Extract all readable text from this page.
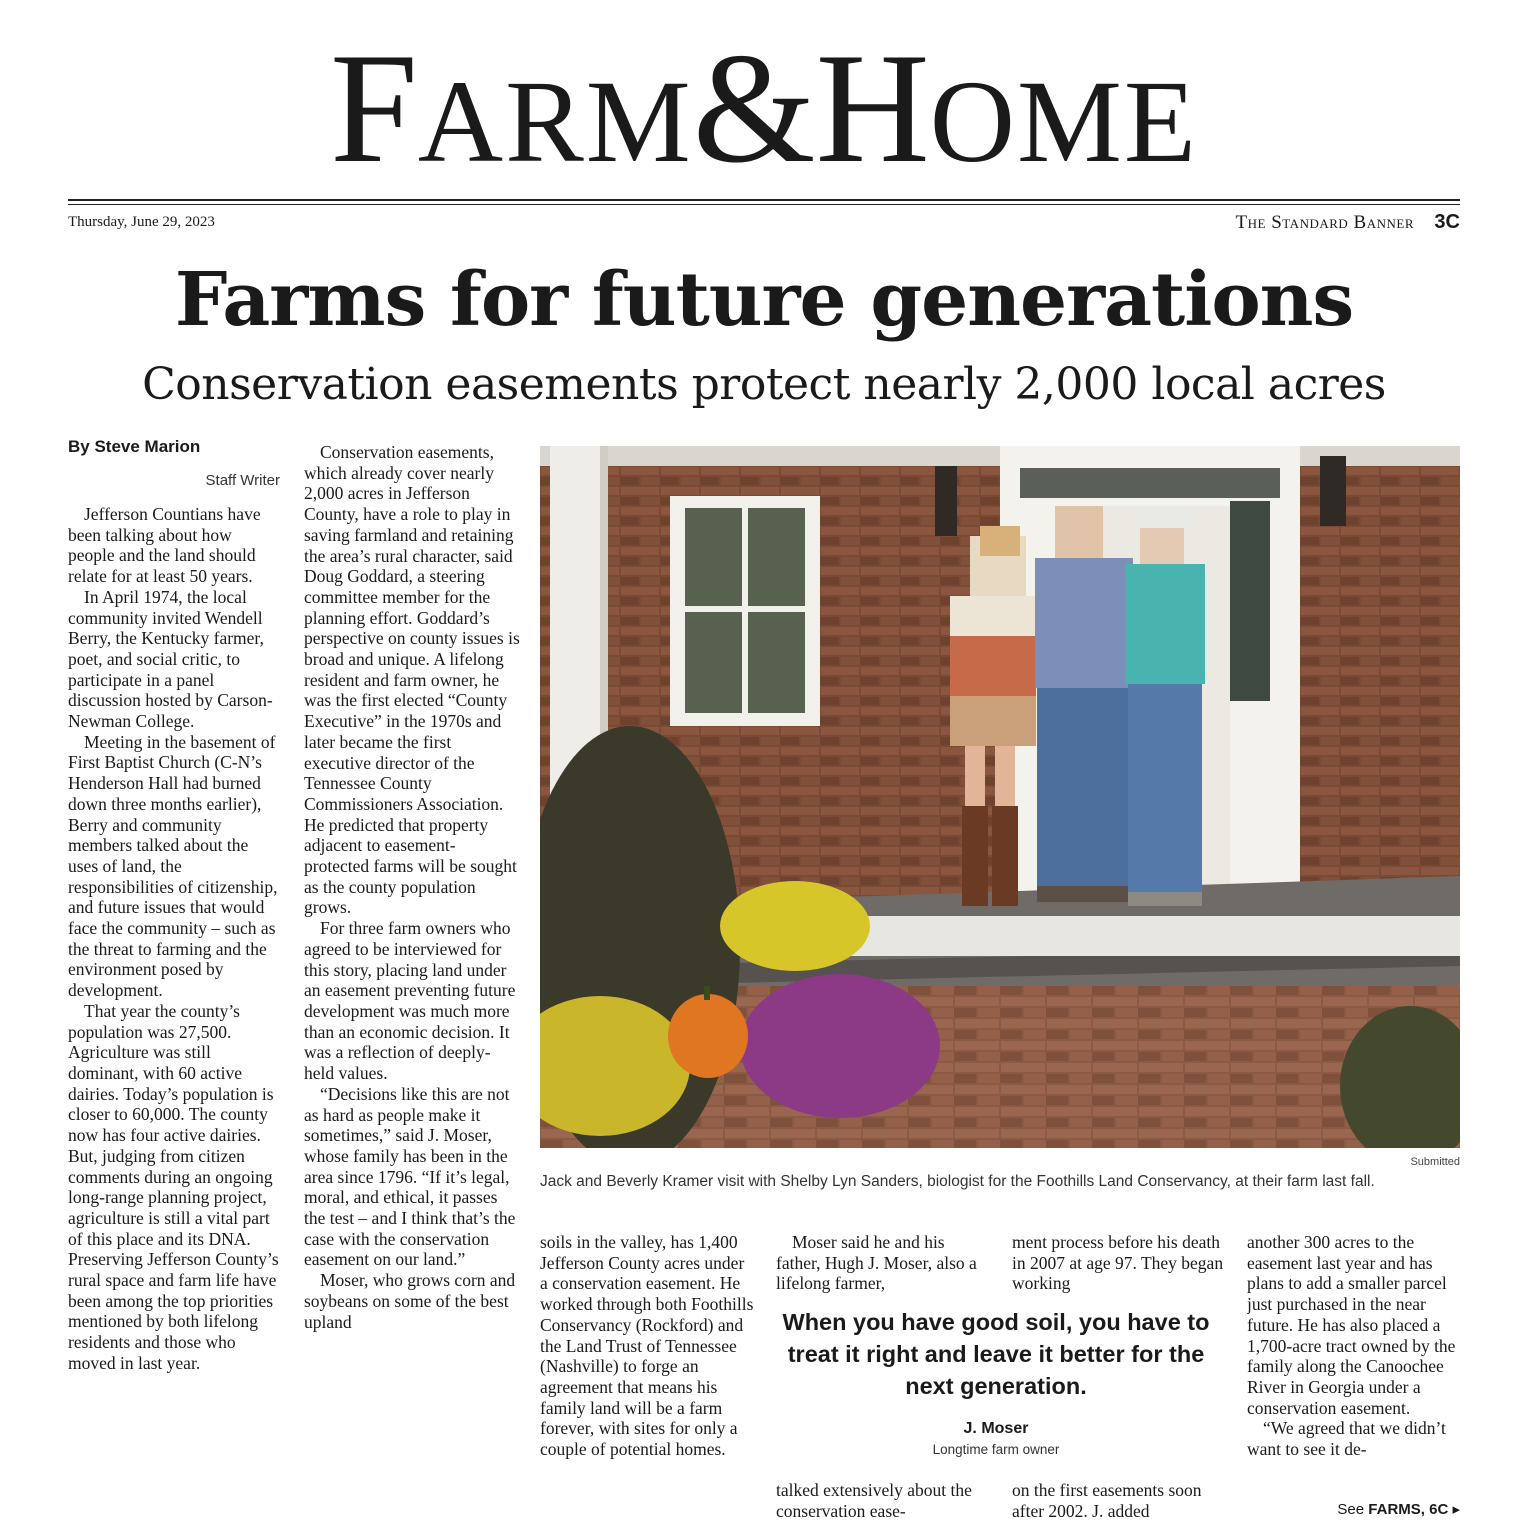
FARM&HOME
Thursday, June 29, 2023	The Standard Banner 3C
Farms for future generations
Conservation easements protect nearly 2,000 local acres
By Steve Marion
Staff Writer

Jefferson Countians have been talking about how people and the land should relate for at least 50 years.

In April 1974, the local community invited Wendell Berry, the Kentucky farmer, poet, and social critic, to participate in a panel discussion hosted by Carson-Newman College.

Meeting in the basement of First Baptist Church (C-N’s Henderson Hall had burned down three months earlier), Berry and community members talked about the uses of land, the responsibilities of citizenship, and future issues that would face the community – such as the threat to farming and the environment posed by development.

That year the county’s population was 27,500. Agriculture was still dominant, with 60 active dairies. Today’s population is closer to 60,000. The county now has four active dairies. But, judging from citizen comments during an ongoing long-range planning project, agriculture is still a vital part of this place and its DNA. Preserving Jefferson County’s rural space and farm life have been among the top priorities mentioned by both lifelong residents and those who moved in last year.

Conservation easements, which already cover nearly 2,000 acres in Jefferson County, have a role to play in saving farmland and retaining the area’s rural character, said Doug Goddard, a steering committee member for the planning effort. Goddard’s perspective on county issues is broad and unique. A lifelong resident and farm owner, he was the first elected “County Executive” in the 1970s and later became the first executive director of the Tennessee County Commissioners Association. He predicted that property adjacent to easement-protected farms will be sought as the county population grows.

For three farm owners who agreed to be interviewed for this story, placing land under an easement preventing future development was much more than an economic decision. It was a reflection of deeply-held values.

“Decisions like this are not as hard as people make it sometimes,” said J. Moser, whose family has been in the area since 1796. “If it’s legal, moral, and ethical, it passes the test – and I think that’s the case with the conservation easement on our land.”

Moser, who grows corn and soybeans on some of the best upland

Submitted
Jack and Beverly Kramer visit with Shelby Lyn Sanders, biologist for the Foothills Land Conservancy, at their farm last fall.

soils in the valley, has 1,400 Jefferson County acres under a conservation easement. He worked through both Foothills Conservancy (Rockford) and the Land Trust of Tennessee (Nashville) to forge an agreement that means his family land will be a farm forever, with sites for only a couple of potential homes.

Moser said he and his father, Hugh J. Moser, also a lifelong farmer,

ment process before his death in 2007 at age 97. They began working

When you have good soil, you have to treat it right and leave it better for the next generation.
J. Moser
Longtime farm owner

talked extensively about the conservation ease-

on the first easements soon after 2002. J. added

another 300 acres to the easement last year and has plans to add a smaller parcel just purchased in the near future. He has also placed a 1,700-acre tract owned by the family along the Canoochee River in Georgia under a conservation easement.

“We agreed that we didn’t want to see it de-

See FARMS, 6C ▸
